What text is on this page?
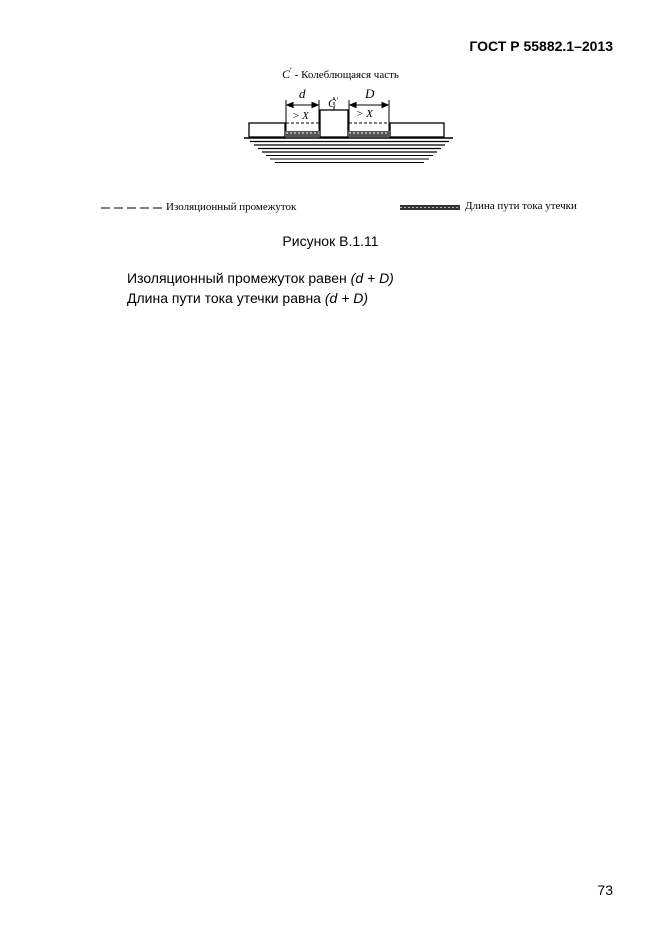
ГОСТ Р 55882.1–2013
C′ - Колеблющаяся часть
d	D
C′
> X	> X
Изоляционный промежуток	Длина пути тока утечки
Рисунок В.1.11
Изоляционный промежуток равен (d + D)
Длина пути тока утечки равна (d + D)
73
